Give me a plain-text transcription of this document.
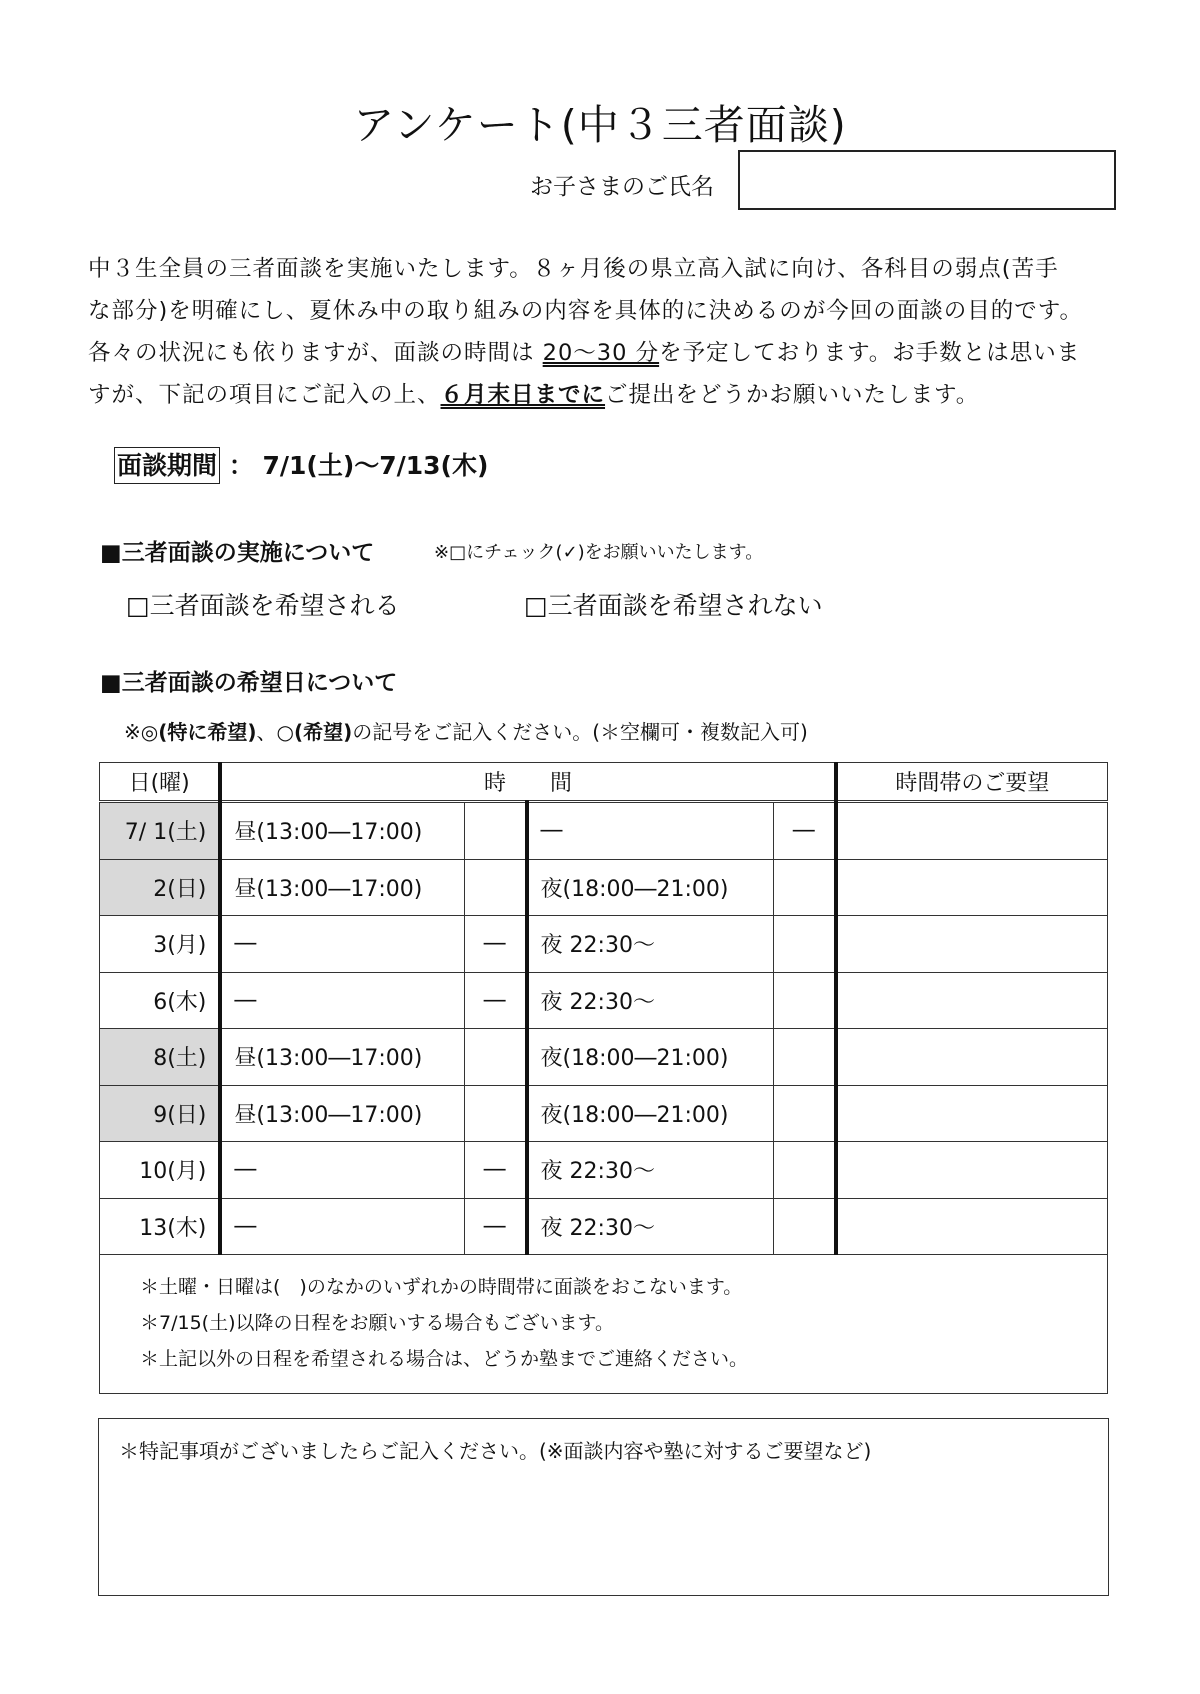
アンケート(中３三者面談)
お子さまのご氏名
中３生全員の三者面談を実施いたします。８ヶ月後の県立高入試に向け、各科目の弱点(苦手
な部分)を明確にし、夏休み中の取り組みの内容を具体的に決めるのが今回の面談の目的です。
各々の状況にも依りますが、面談の時間は 20～30 分を予定しております。お手数とは思いま
すが、下記の項目にご記入の上、６月末日までにご提出をどうかお願いいたします。
面談期間 ： 7/1(土)～7/13(木)
■三者面談の実施について	※□にチェック(✓)をお願いいたします。
□三者面談を希望される	□三者面談を希望されない
■三者面談の希望日について
※◎(特に希望)、○(希望)の記号をご記入ください。(＊空欄可・複数記入可)
日(曜)	時　　間				時間帯のご要望
7/ 1(土)	昼(13:00―17:00)		―	―	
2(日)	昼(13:00―17:00)		夜(18:00―21:00)		
3(月)	―	―	夜 22:30～		
6(木)	―	―	夜 22:30～		
8(土)	昼(13:00―17:00)		夜(18:00―21:00)		
9(日)	昼(13:00―17:00)		夜(18:00―21:00)		
10(月)	―	―	夜 22:30～		
13(木)	―	―	夜 22:30～		

＊土曜・日曜は(　)のなかのいずれかの時間帯に面談をおこないます。
＊7/15(土)以降の日程をお願いする場合もございます。
＊上記以外の日程を希望される場合は、どうか塾までご連絡ください。					
＊特記事項がございましたらご記入ください。(※面談内容や塾に対するご要望など)
